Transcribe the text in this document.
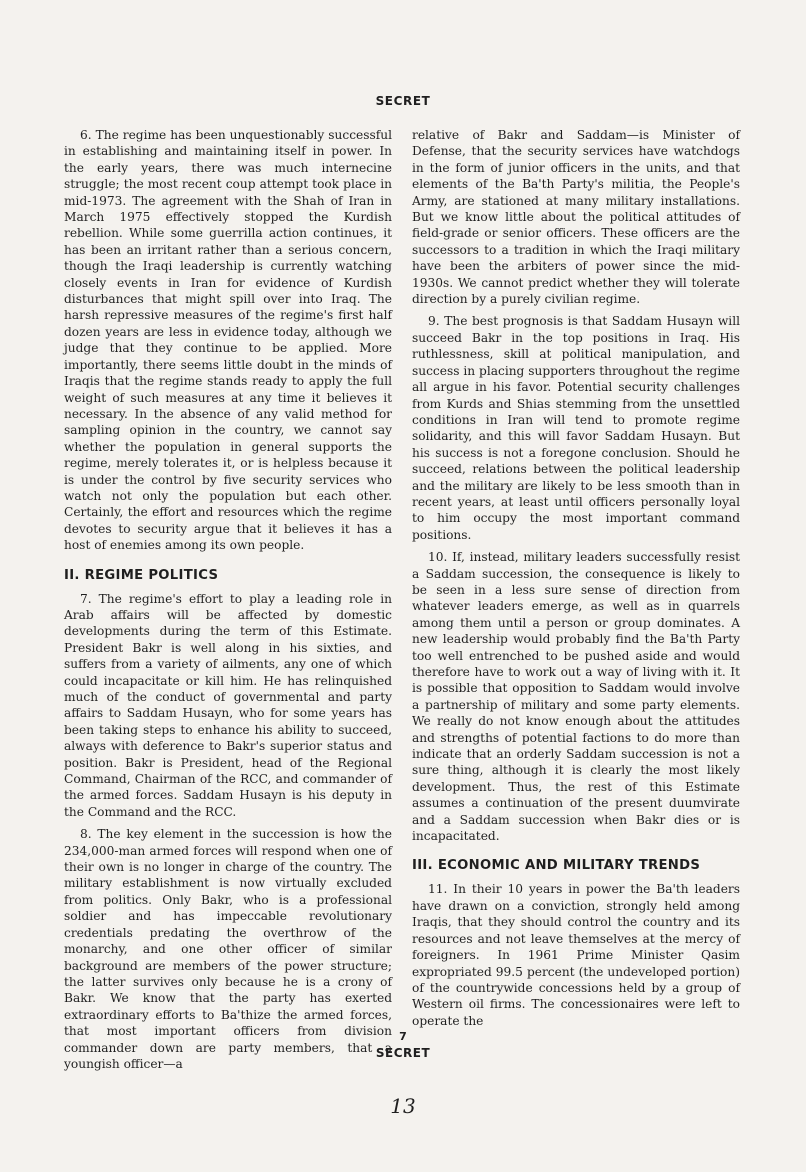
SECRET

6. The regime has been unquestionably successful in establishing and maintaining itself in power. In the early years, there was much internecine struggle; the most recent coup attempt took place in mid-1973. The agreement with the Shah of Iran in March 1975 effectively stopped the Kurdish rebellion. While some guerrilla action continues, it has been an irritant rather than a serious concern, though the Iraqi leadership is currently watching closely events in Iran for evidence of Kurdish disturbances that might spill over into Iraq. The harsh repressive measures of the regime's first half dozen years are less in evidence today, although we judge that they continue to be applied. More importantly, there seems little doubt in the minds of Iraqis that the regime stands ready to apply the full weight of such measures at any time it believes it necessary. In the absence of any valid method for sampling opinion in the country, we cannot say whether the population in general supports the regime, merely tolerates it, or is helpless because it is under the control by five security services who watch not only the population but each other. Certainly, the effort and resources which the regime devotes to security argue that it believes it has a host of enemies among its own people.

II. REGIME POLITICS

7. The regime's effort to play a leading role in Arab affairs will be affected by domestic developments during the term of this Estimate. President Bakr is well along in his sixties, and suffers from a variety of ailments, any one of which could incapacitate or kill him. He has relinquished much of the conduct of governmental and party affairs to Saddam Husayn, who for some years has been taking steps to enhance his ability to succeed, always with deference to Bakr's superior status and position. Bakr is President, head of the Regional Command, Chairman of the RCC, and commander of the armed forces. Saddam Husayn is his deputy in the Command and the RCC.

8. The key element in the succession is how the 234,000-man armed forces will respond when one of their own is no longer in charge of the country. The military establishment is now virtually excluded from politics. Only Bakr, who is a professional soldier and has impeccable revolutionary credentials predating the overthrow of the monarchy, and one other officer of similar background are members of the power structure; the latter survives only because he is a crony of Bakr. We know that the party has exerted extraordinary efforts to Ba'thize the armed forces, that most important officers from division commander down are party members, that a youngish officer—a

relative of Bakr and Saddam—is Minister of Defense, that the security services have watchdogs in the form of junior officers in the units, and that elements of the Ba'th Party's militia, the People's Army, are stationed at many military installations. But we know little about the political attitudes of field-grade or senior officers. These officers are the successors to a tradition in which the Iraqi military have been the arbiters of power since the mid-1930s. We cannot predict whether they will tolerate direction by a purely civilian regime.

9. The best prognosis is that Saddam Husayn will succeed Bakr in the top positions in Iraq. His ruthlessness, skill at political manipulation, and success in placing supporters throughout the regime all argue in his favor. Potential security challenges from Kurds and Shias stemming from the unsettled conditions in Iran will tend to promote regime solidarity, and this will favor Saddam Husayn. But his success is not a foregone conclusion. Should he succeed, relations between the political leadership and the military are likely to be less smooth than in recent years, at least until officers personally loyal to him occupy the most important command positions.

10. If, instead, military leaders successfully resist a Saddam succession, the consequence is likely to be seen in a less sure sense of direction from whatever leaders emerge, as well as in quarrels among them until a person or group dominates. A new leadership would probably find the Ba'th Party too well entrenched to be pushed aside and would therefore have to work out a way of living with it. It is possible that opposition to Saddam would involve a partnership of military and some party elements. We really do not know enough about the attitudes and strengths of potential factions to do more than indicate that an orderly Saddam succession is not a sure thing, although it is clearly the most likely development. Thus, the rest of this Estimate assumes a continuation of the present duumvirate and a Saddam succession when Bakr dies or is incapacitated.

III. ECONOMIC AND MILITARY TRENDS

11. In their 10 years in power the Ba'th leaders have drawn on a conviction, strongly held among Iraqis, that they should control the country and its resources and not leave themselves at the mercy of foreigners. In 1961 Prime Minister Qasim expropriated 99.5 percent (the undeveloped portion) of the countrywide concessions held by a group of Western oil firms. The concessionaires were left to operate the

7
SECRET
13
